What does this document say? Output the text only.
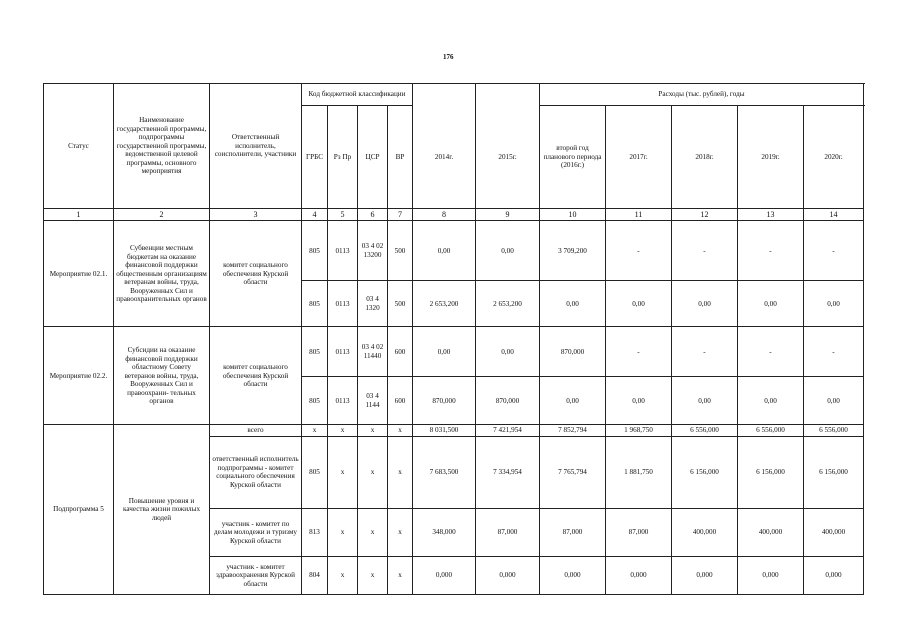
176
Статус	Наименование государственной программы, подпрограммы государственной программы, ведомственной целевой программы, основного мероприятия	Ответственный исполнитель, соисполнители, участники	Код бюджетной классификации						Расходы (тыс. рублей), годы				
			ГРБС	Рз Пр	ЦСР	ВР	2014г.	2015г.	второй год планового периода (2016г.)	2017г.	2018г.	2019г.	2020г.
1	2	3	4	5	6	7	8	9	10	11	12	13	14
Мероприятие 02.1.	Субвенции местным бюджетам на оказание финансовой поддержки общественным организациям ветеранам войны, труда, Вооруженных Сил и правоохранительных органов	комитет социального обеспечения Курской области	805	0113	03 4 02 13200	500	0,00	0,00	3 709,200	-	-	-	-
			805	0113	03 4 1320	500	2 653,200	2 653,200	0,00	0,00	0,00	0,00	0,00
Мероприятие 02.2.	Субсидии на оказание финансовой поддержки областному Совету ветеранов войны, труда, Вооруженных Сил и правоохрани- тельных органов	комитет социального обеспечения Курской области	805	0113	03 4 02 11440	600	0,00	0,00	870,000	-	-	-	-
			805	0113	03 4 1144	600	870,000	870,000	0,00	0,00	0,00	0,00	0,00
Подпрограмма 5	Повышение уровня и качества жизни пожилых людей	всего	х	х	х	х	8 031,500	7 421,954	7 852,794	1 968,750	6 556,000	6 556,000	6 556,000
		ответственный исполнитель подпрограммы - комитет социального обеспечения Курской области	805	х	х	х	7 683,500	7 334,954	7 765,794	1 881,750	6 156,000	6 156,000	6 156,000
		участник - комитет по делам молодежи и туризму Курской области	813	х	х	х	348,000	87,000	87,000	87,000	400,000	400,000	400,000
		участник - комитет здравоохранения Курской области	804	х	х	х	0,000	0,000	0,000	0,000	0,000	0,000	0,000
